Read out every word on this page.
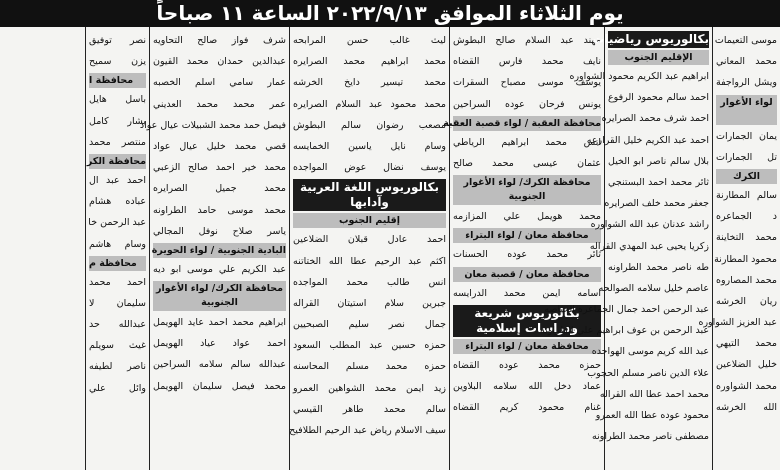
يوم الثلاثاء الموافق ٢٠٢٢/٩/١٣ الساعة ١١ صباحاً
موسى التعيمات
محمد المعاني
ويشل الرواجفة
لواء الأغوار
يمان الجمارات
تل الجمارات
الكرك
سالم المطارنة
د الجماعره
محمد التخاينة
محمود المطارنة
محمد المصاروه
ريان الخرشه
عبد العزيز الشواوره
محمد التيهي
خليل الضلاعين
محمد الشواوره
الله الخرشه
بكالوريوس رياضيات
الإقليم الجنوب
ابراهيم عبد الكريم محمود الشواوره
احمد سالم محمود الرفوع
احمد شرف محمد الصرايره
احمد عبد الكريم خليل القرارعه
بلال سالم ناصر ابو الخيل
ثائر محمد احمد البستنجي
جعفر محمد خلف الصرايره
راشد عدنان عبد الله الشواوره
زكريا يحيى عبد المهدي القراله
طه ناصر محمد الطراونه
عاصم خليل سلامه الصوالحه
عبد الرحمن احمد جمال الجماعره الحياصه
عبد الرحمن بن عوف ابراهيم علي الطراونه
عبد الله كريم موسى الهواجده
علاء الدين ناصر مسلم الحجوب
محمد احمد عطا الله القراله
محمود عوده عطا الله العمرو
مصطفى ناصر محمد الطراونه
مهند عبد السلام صالح البطوش
نايف محمد فارس القضاه
يوسف موسى مصباح السقرات
يونس فرحان عوده السراحين
محافظة العقبة / لواء قصبة العقبة
انس محمد ابراهيم الرياطي
عثمان عيسى محمد صالح
محافظة الكرك/ لواء الأغوار الجنوبية
محمد هويمل علي المزازمه
محافظة معان / لواء البتراء
ثائر محمد عوده الحسنات
محافظة معان / قصبة معان
اسامه ايمن محمد الدرايسه
بكالوريوس شريعة ودراسات إسلامية
محافظة معان / لواء البتراء
حمزه محمد عوده القضاه
عماد دخل الله سلامه البلاوين
غنام محمود كريم القضاه
ليث غالب حسن المرابحه
محمد ابراهيم محمد الصرايره
محمد تيسير دايخ الخرشه
محمد محمود عبد السلام الصرايره
مصعب رضوان سالم البطوش
وسام نايل ياسين الخمايسه
يوسف نضال عوض المواجده
بكالوريوس اللغة العربية وآدابها
إقليم الجنوب
احمد عادل قبلان الضلاعين
اكثم عبد الرحيم عطا الله الختاتنه
انس طالب محمد المواجده
جبرين سلام استيتان القراله
جمال نصر سليم الصبحيين
حمزه حسين عبد المطلب السعود
حمزه محمد مسلم المحاسنه
زيد ايمن محمد الشواهين العمرو
سالم محمد طاهر القيسي
سيف الاسلام رياض عبد الرحيم الطلافيح
شرف فواز صالح التحاويه
عبدالدين حمدان محمد القيون
عمار سامي اسلم الخصبه
عمر محمد محمد العديني
فيصل حمد محمد الشبيلات عيال عواد
قصي محمد خليل عيال عواد
محمد خير احمد صالح الزعبي
محمد جميل الصرايره
محمد موسى حامد الطراونه
ياسر صلاح نوفل المجالي
البادية الجنوبية / لواء الحويرة
عبد الكريم علي موسى ابو ديه
محافظة الكرك/ لواء الأغوار الجنوبية
ابراهيم محمد احمد عايد الهويمل
احمد عواد عياد الهويمل
عبدالله سالم سلامه السراحين
محمد فيصل سليمان الهويمل
نصر توفيق
يزن سميح
محافظة ا
باسل هايل
بشار كامل
منتصر محمد
محافظة الكر
احمد عبد ال
عباده هشام
عبد الرحمن خا
وسام هاشم
محافظة م
احمد محمد
سليمان لا
عبدالله حد
غيث سويلم
ناصر لطيفه
وائل علي
